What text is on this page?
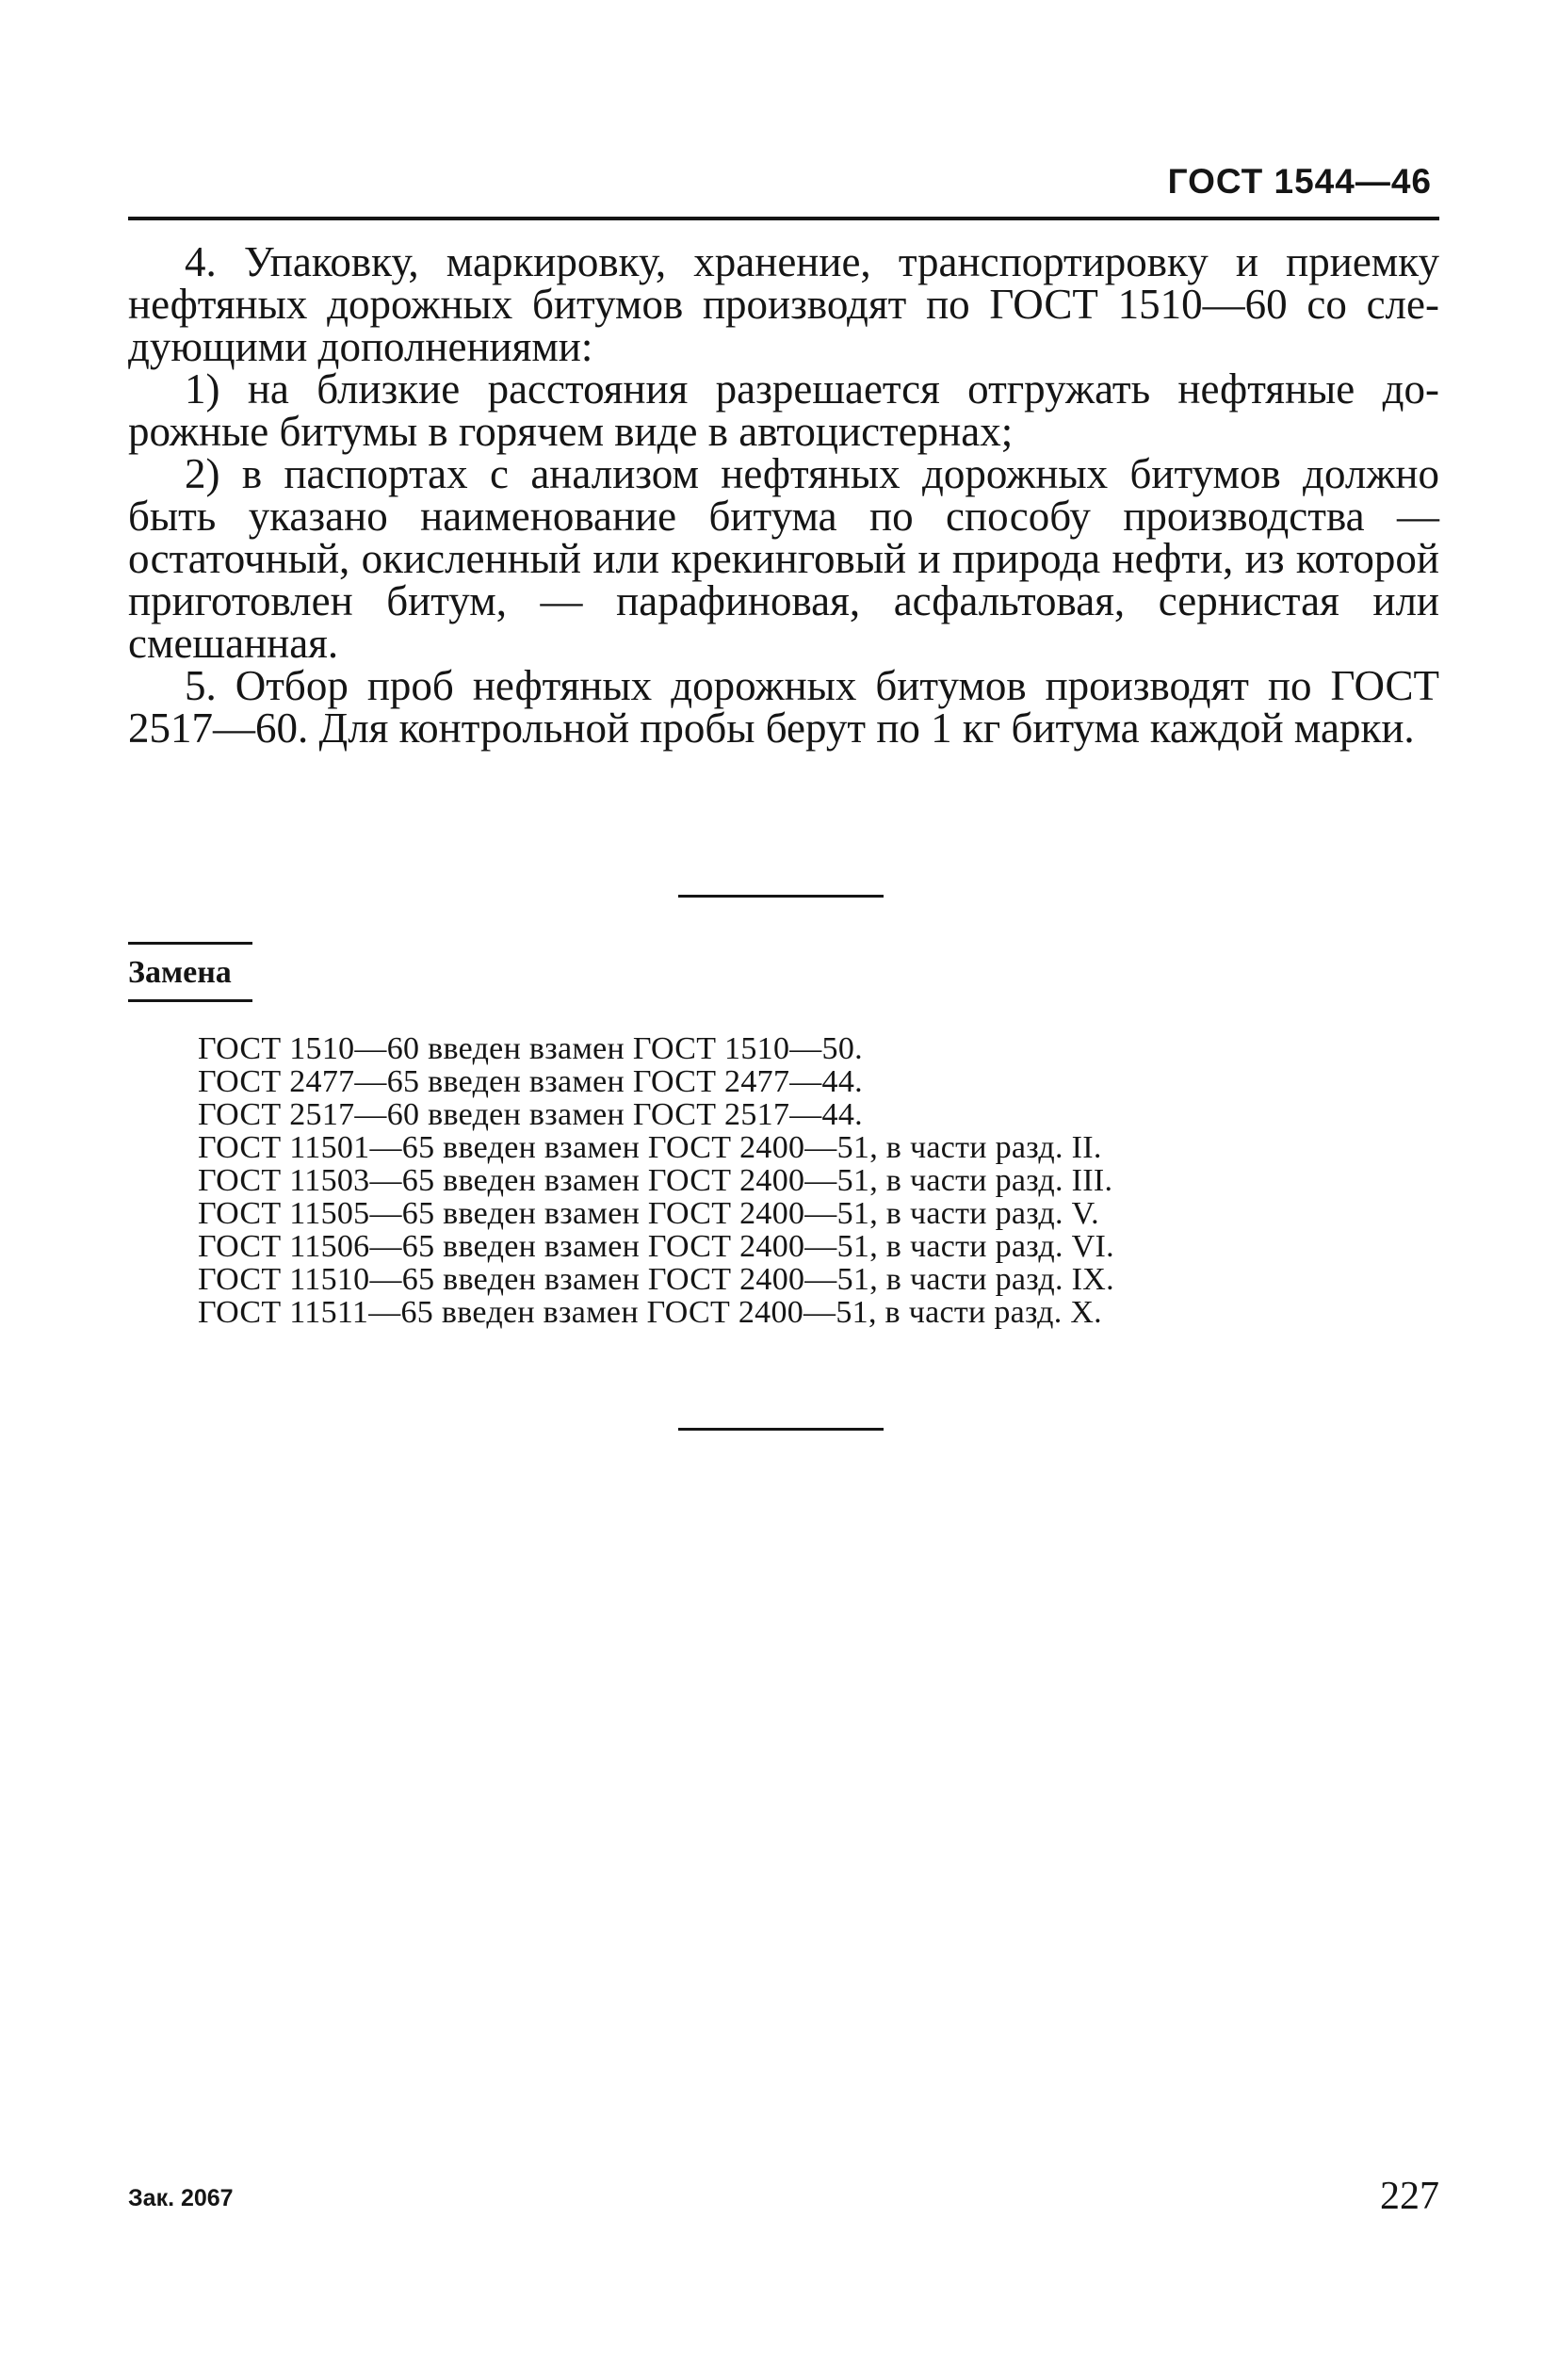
ГОСТ 1544—46

4. Упаковку, маркировку, хранение, транспортировку и приемку нефтяных дорожных битумов производят по ГОСТ 1510—60 со следующими дополнениями:

1) на близкие расстояния разрешается отгружать нефтяные дорожные битумы в горячем виде в автоцистернах;

2) в паспортах с анализом нефтяных дорожных битумов должно быть указано наименование битума по способу производства — остаточный, окисленный или крекинговый и природа нефти, из которой приготовлен битум, — парафиновая, асфальтовая, сернистая или смешанная.

5. Отбор проб нефтяных дорожных битумов производят по ГОСТ 2517—60. Для контрольной пробы берут по 1 кг битума каждой марки.

Замена
ГОСТ 1510—60 введен взамен ГОСТ 1510—50.
ГОСТ 2477—65 введен взамен ГОСТ 2477—44.
ГОСТ 2517—60 введен взамен ГОСТ 2517—44.
ГОСТ 11501—65 введен взамен ГОСТ 2400—51, в части разд. II.
ГОСТ 11503—65 введен взамен ГОСТ 2400—51, в части разд. III.
ГОСТ 11505—65 введен взамен ГОСТ 2400—51, в части разд. V.
ГОСТ 11506—65 введен взамен ГОСТ 2400—51, в части разд. VI.
ГОСТ 11510—65 введен взамен ГОСТ 2400—51, в части разд. IX.
ГОСТ 11511—65 введен взамен ГОСТ 2400—51, в части разд. X.
Зак. 2067	227
